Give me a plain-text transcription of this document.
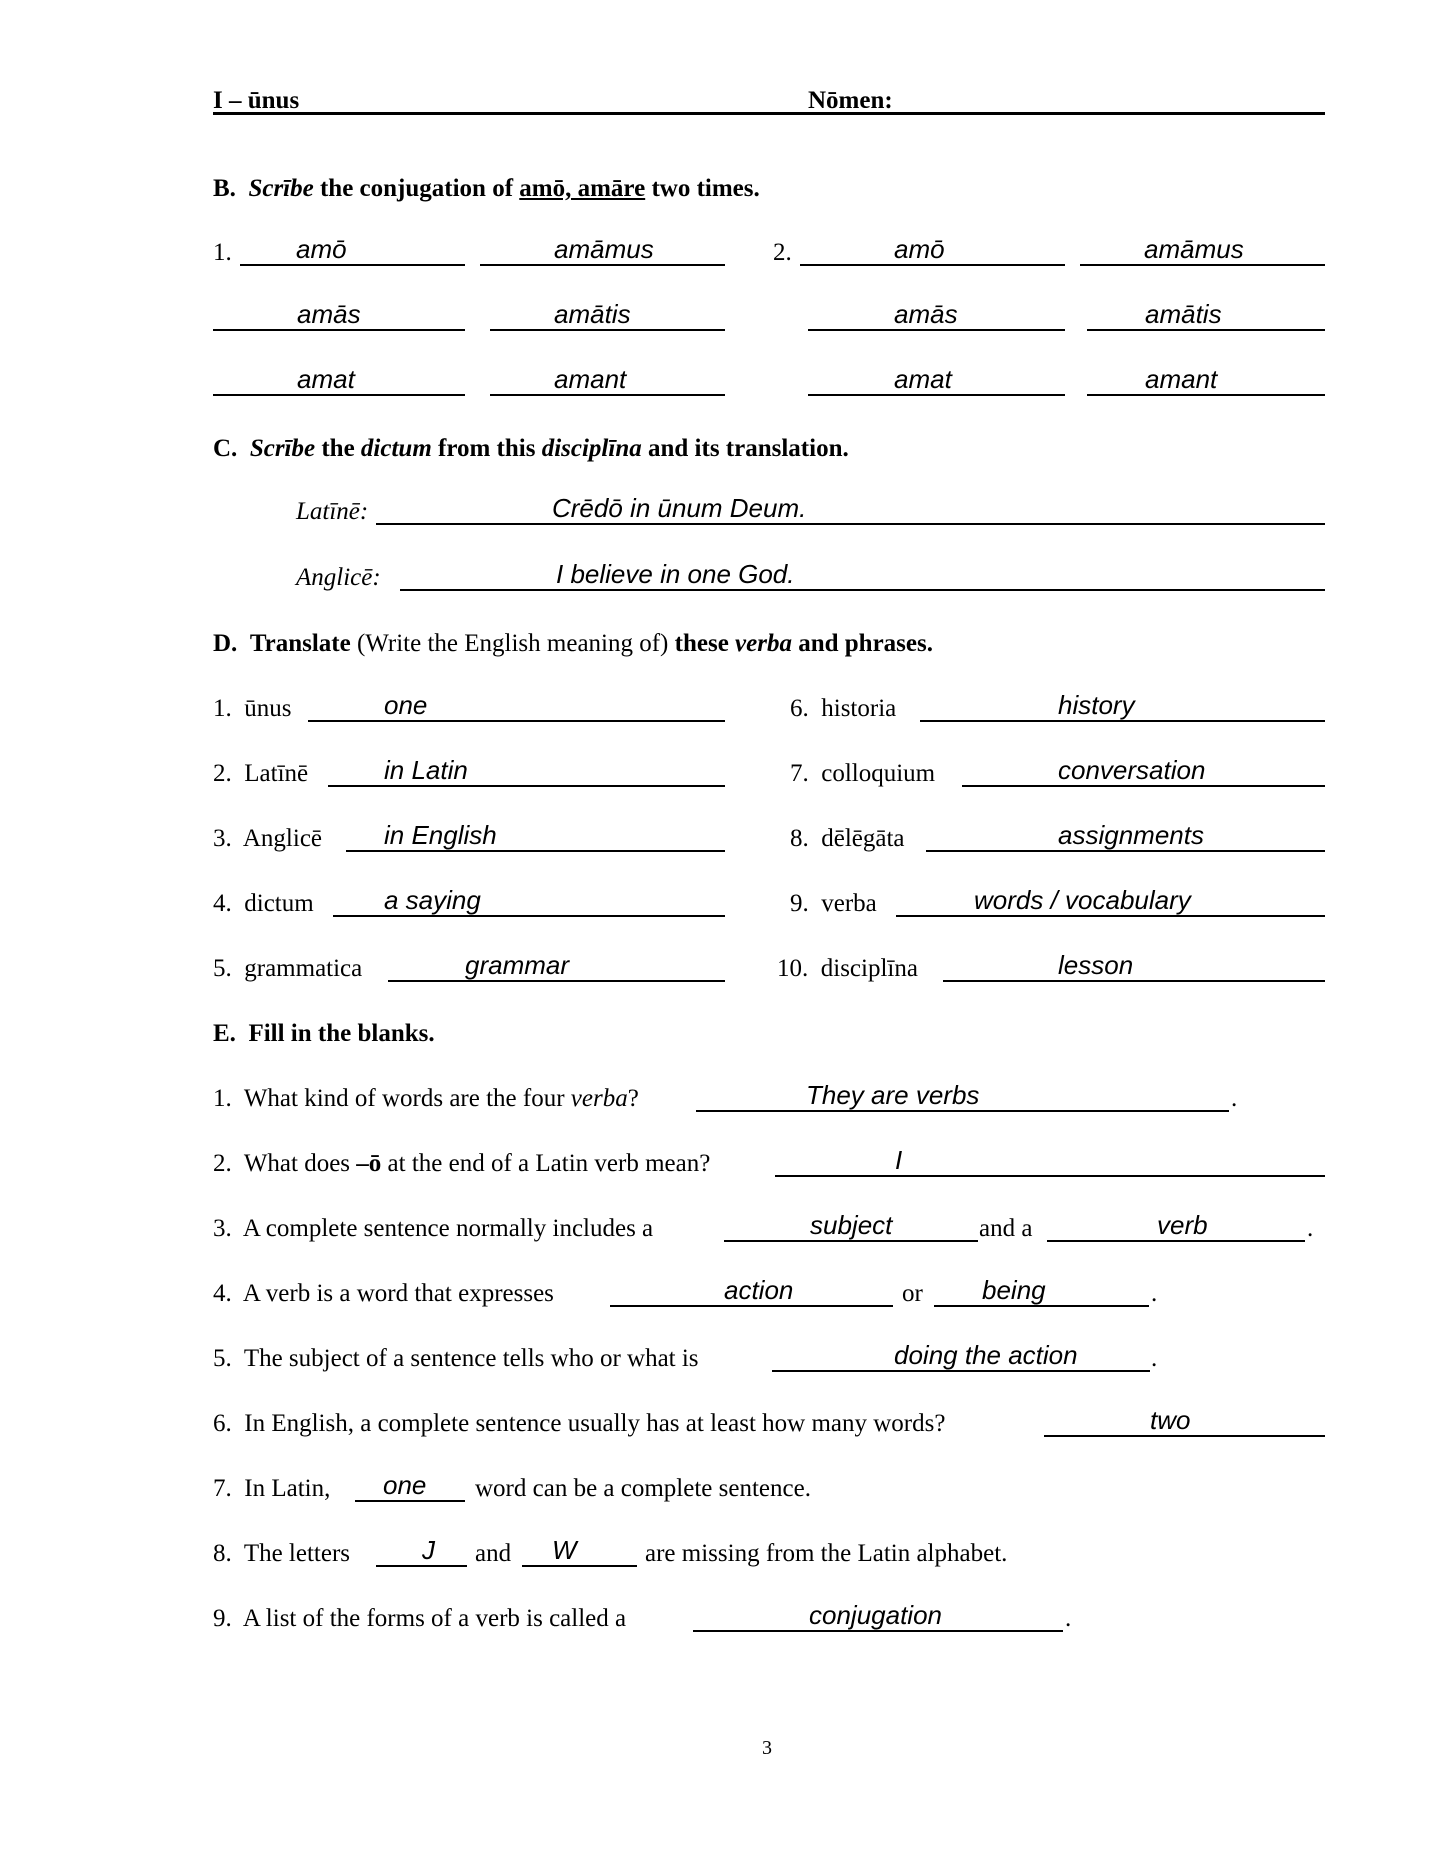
I – ūnus	Nōmen:
B. Scrībe the conjugation of amō, amāre two times.
1. amō	amāmus	2.	amō	amāmus
amās	amātis	amās	amātis
amat	amant	amat	amant
C. Scrībe the dictum from this disciplīna and its translation.
Latīnē:	Crēdō in ūnum Deum.
Anglicē:	I believe in one God.
D. Translate (Write the English meaning of) these verba and phrases.
1. ūnus	one
2. Latīnē	in Latin
3. Anglicē in English
4. dictum	a saying
5. grammatica	grammar
6. historia	history
7. colloquium	conversation
8. dēlēgāta	assignments
9. verba	words / vocabulary
10. disciplīna	lesson
E. Fill in the blanks.
1. What kind of words are the four verba?	They are verbs	.
2. What does –ō at the end of a Latin verb mean?	I
3. A complete sentence normally includes a	subject	and a	verb	.
4. A verb is a word that expresses	action	or being	.
5. The subject of a sentence tells who or what is	doing the action	.
6. In English, a complete sentence usually has at least how many words?	two
7. In Latin, one word can be a complete sentence.
8. The letters	J and W	are missing from the Latin alphabet.
9. A list of the forms of a verb is called a	conjugation	.
3
